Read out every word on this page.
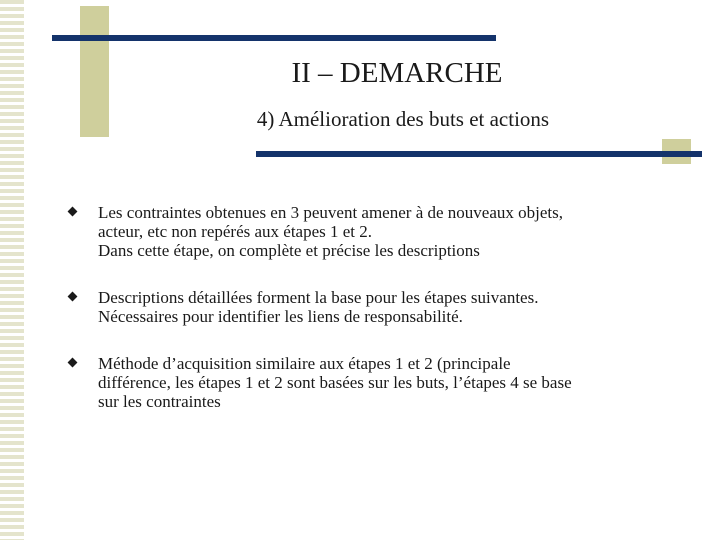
II – DEMARCHE
4) Amélioration des buts et actions
Les contraintes obtenues en 3 peuvent amener à de nouveaux objets,
acteur, etc non repérés aux étapes 1 et 2.
Dans cette étape, on complète et précise les descriptions
Descriptions détaillées forment la base pour les étapes suivantes.
Nécessaires pour identifier les liens de responsabilité.
Méthode d’acquisition similaire aux étapes 1 et 2 (principale
différence, les étapes 1 et 2 sont basées sur les buts, l’étapes 4 se base
sur les contraintes
